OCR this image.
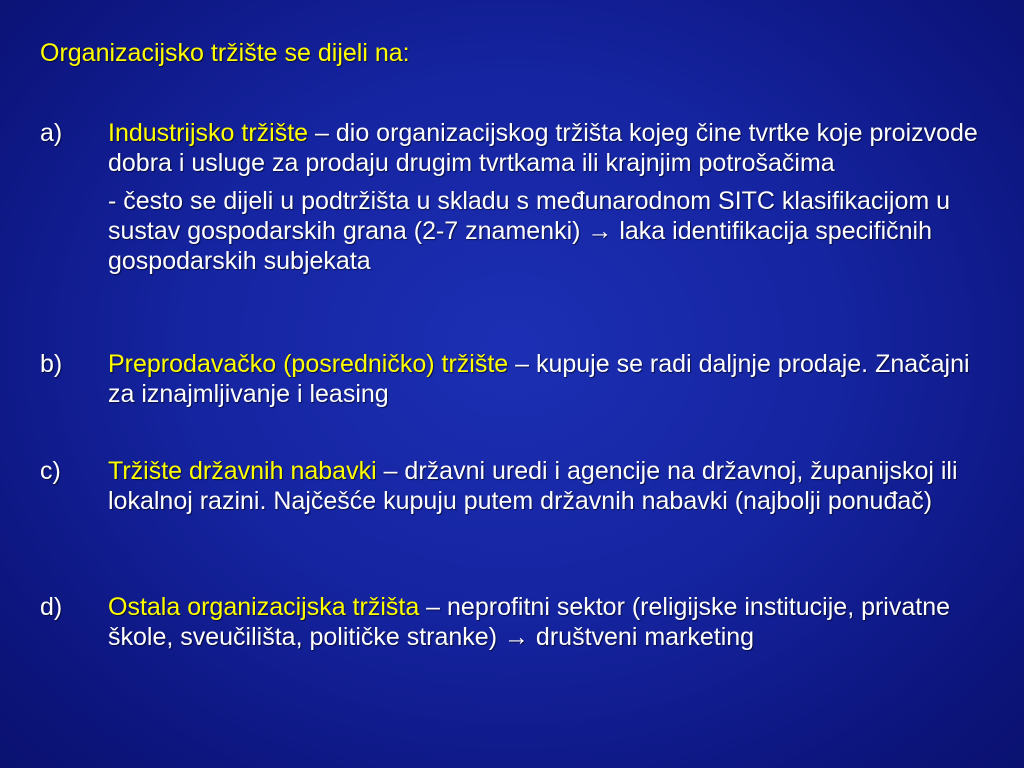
Organizacijsko tržište se dijeli na:
a)	Industrijsko tržište – dio organizacijskog tržišta kojeg čine tvrtke koje proizvode dobra i usluge za prodaju drugim tvrtkama ili krajnjim potrošačima
- često se dijeli u podtržišta u skladu s međunarodnom SITC klasifikacijom u sustav gospodarskih grana (2-7 znamenki) → laka identifikacija specifičnih gospodarskih subjekata
b)	Preprodavačko (posredničko) tržište – kupuje se radi daljnje prodaje. Značajni za iznajmljivanje i leasing
c)	Tržište državnih nabavki – državni uredi i agencije na državnoj, županijskoj ili lokalnoj razini. Najčešće kupuju putem državnih nabavki (najbolji ponuđač)
d)	Ostala organizacijska tržišta – neprofitni sektor (religijske institucije, privatne škole, sveučilišta, političke stranke) → društveni marketing
